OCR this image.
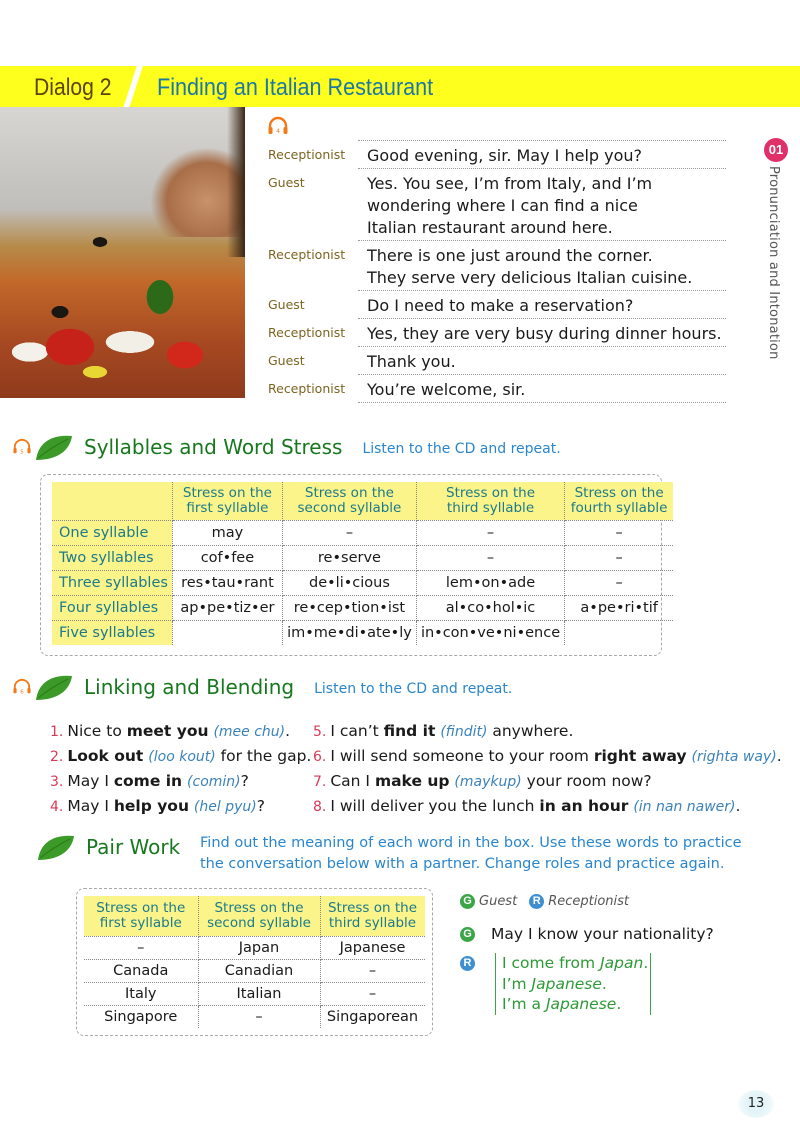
Dialog 2 Finding an Italian Restaurant
4
Receptionist	Good evening, sir. May I help you?
Guest	Yes. You see, I’m from Italy, and I’m wondering where I can find a nice Italian restaurant around here.
Receptionist	There is one just around the corner. They serve very delicious Italian cuisine.
Guest	Do I need to make a reservation?
Receptionist	Yes, they are very busy during dinner hours.
Guest	Thank you.
Receptionist	You’re welcome, sir.
01
Pronunciation and Intonation
5	Syllables and Word Stress Listen to the CD and repeat.
	Stress on the first syllable	Stress on the second syllable	Stress on the third syllable	Stress on the fourth syllable
One syllable	may	–	–	–
Two syllables	cof•fee	re•serve	–	–
Three syllables	res•tau•rant	de•li•cious	lem•on•ade	–
Four syllables	ap•pe•tiz•er	re•cep•tion•ist	al•co•hol•ic	a•pe•ri•tif
Five syllables		im•me•di•ate•ly	in•con•ve•ni•ence	
6	Linking and Blending Listen to the CD and repeat.
1. Nice to meet you (mee chu).
2. Look out (loo kout) for the gap.
3. May I come in (comin)?
4. May I help you (hel pyu)?
5. I can’t find it (findit) anywhere.
6. I will send someone to your room right away (righta way).
7. Can I make up (maykup) your room now?
8. I will deliver you the lunch in an hour (in nan nawer).
Pair Work Find out the meaning of each word in the box. Use these words to practice the conversation below with a partner. Change roles and practice again.
Stress on the first syllable	Stress on the second syllable	Stress on the third syllable
–	Japan	Japanese
Canada	Canadian	–
Italy	Italian	–
Singapore	–	Singaporean
G Guest	R Receptionist
G May I know your nationality?
R I come from Japan.
I’m Japanese.
I’m a Japanese.
13
